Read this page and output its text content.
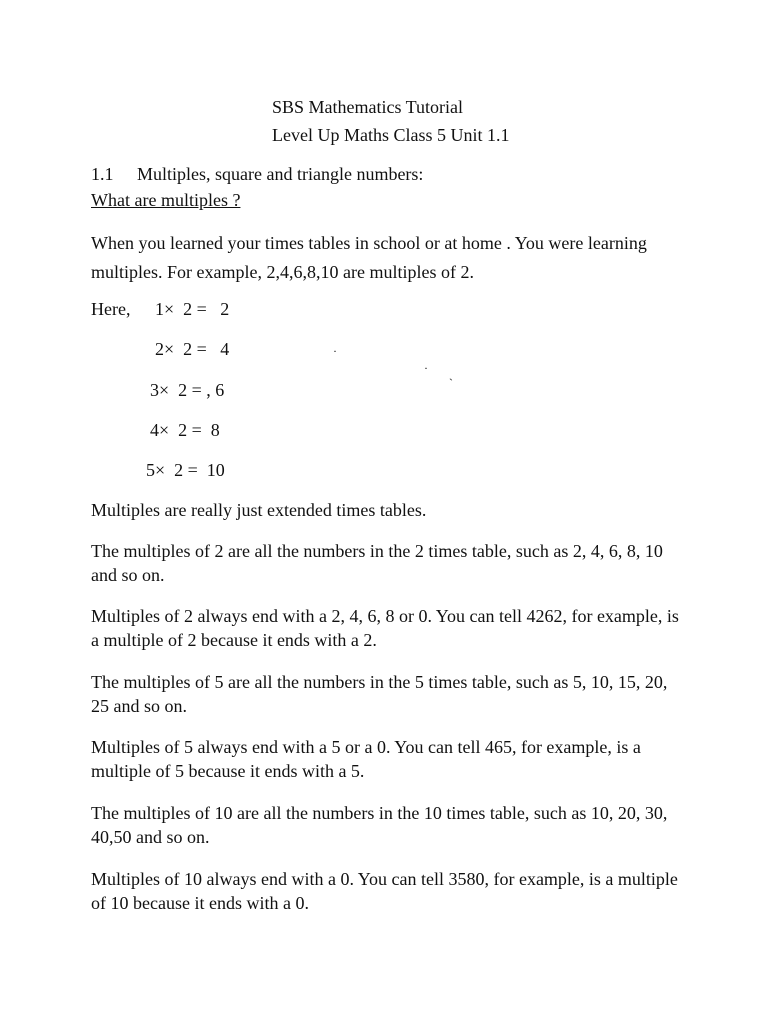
SBS Mathematics Tutorial
Level Up Maths Class 5 Unit 1.1
1.1 Multiples, square and triangle numbers:
What are multiples ?
When you learned your times tables in school or at home . You were learning multiples. For example, 2,4,6,8,10 are multiples of 2.
Here, 1×  2 =   2
2×  2 =   4
3×  2 = , 6
4×  2 =  8
5×  2 =  10
·
· ˎ
Multiples are really just extended times tables.
The multiples of 2 are all the numbers in the 2 times table, such as 2, 4, 6, 8, 10 and so on.
Multiples of 2 always end with a 2, 4, 6, 8 or 0. You can tell 4262, for example, is a multiple of 2 because it ends with a 2.
The multiples of 5 are all the numbers in the 5 times table, such as 5, 10, 15, 20, 25 and so on.
Multiples of 5 always end with a 5 or a 0. You can tell 465, for example, is a multiple of 5 because it ends with a 5.
The multiples of 10 are all the numbers in the 10 times table, such as 10, 20, 30, 40,50 and so on.
Multiples of 10 always end with a 0. You can tell 3580, for example, is a multiple of 10 because it ends with a 0.
